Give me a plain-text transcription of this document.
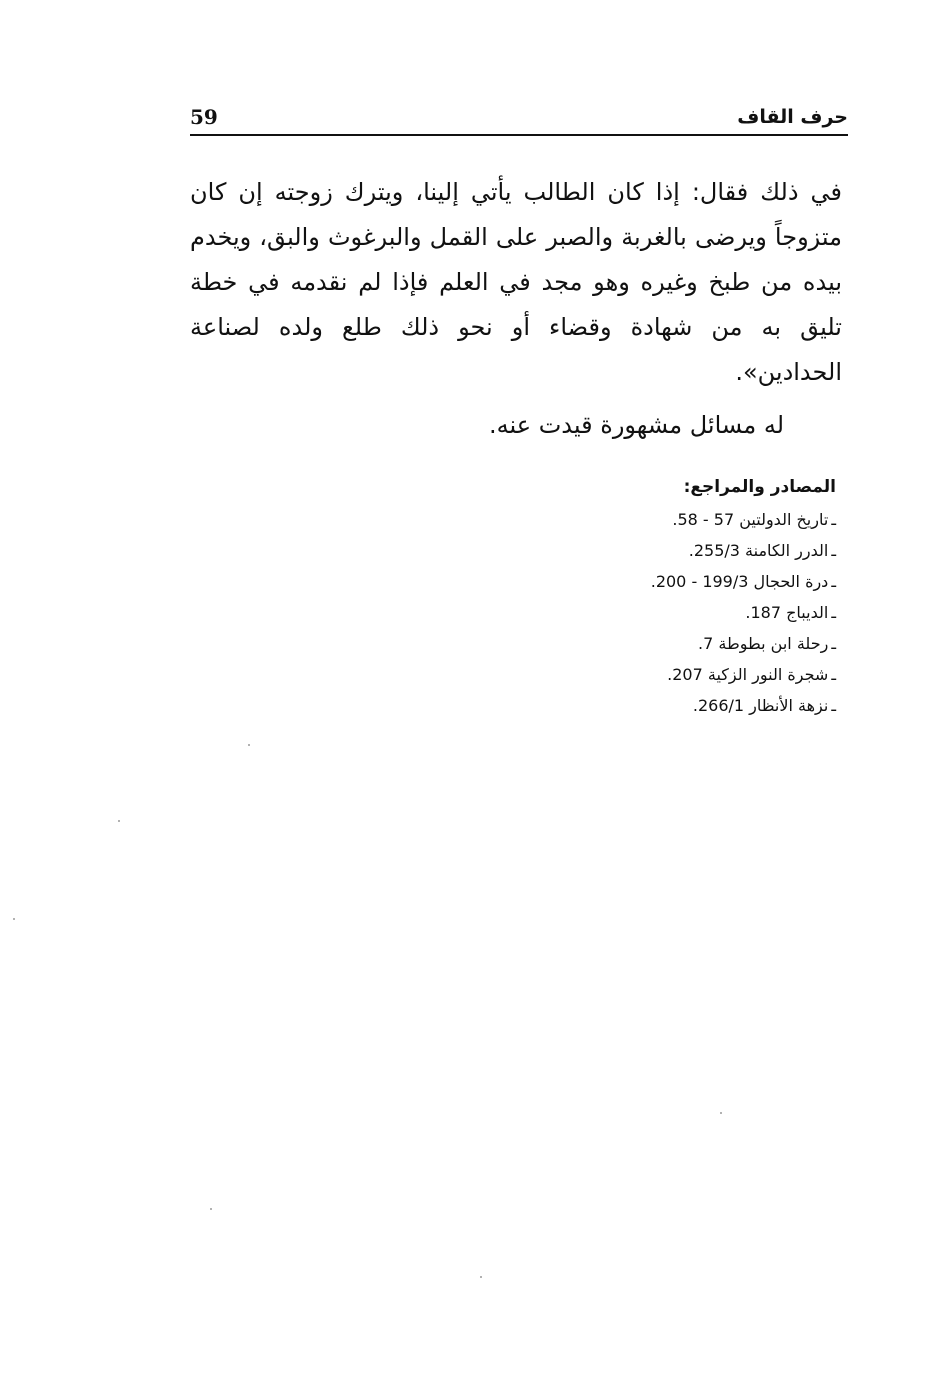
59	حرف القاف

في ذلك فقال: إذا كان الطالب يأتي إلينا، ويترك زوجته إن كان متزوجاً ويرضى بالغربة والصبر على القمل والبرغوث والبق، ويخدم بيده من طبخ وغيره وهو مجد في العلم فإذا لم نقدمه في خطة تليق به من شهادة وقضاء أو نحو ذلك طلع ولده لصناعة الحدادين».

له مسائل مشهورة قيدت عنه.

المصادر والمراجع:
ـتاريخ الدولتين 57 - 58.
ـالدرر الكامنة 255/3.
ـدرة الحجال 199/3 - 200.
ـالديباج 187.
ـرحلة ابن بطوطة 7.
ـشجرة النور الزكية 207.
ـنزهة الأنظار 266/1.
